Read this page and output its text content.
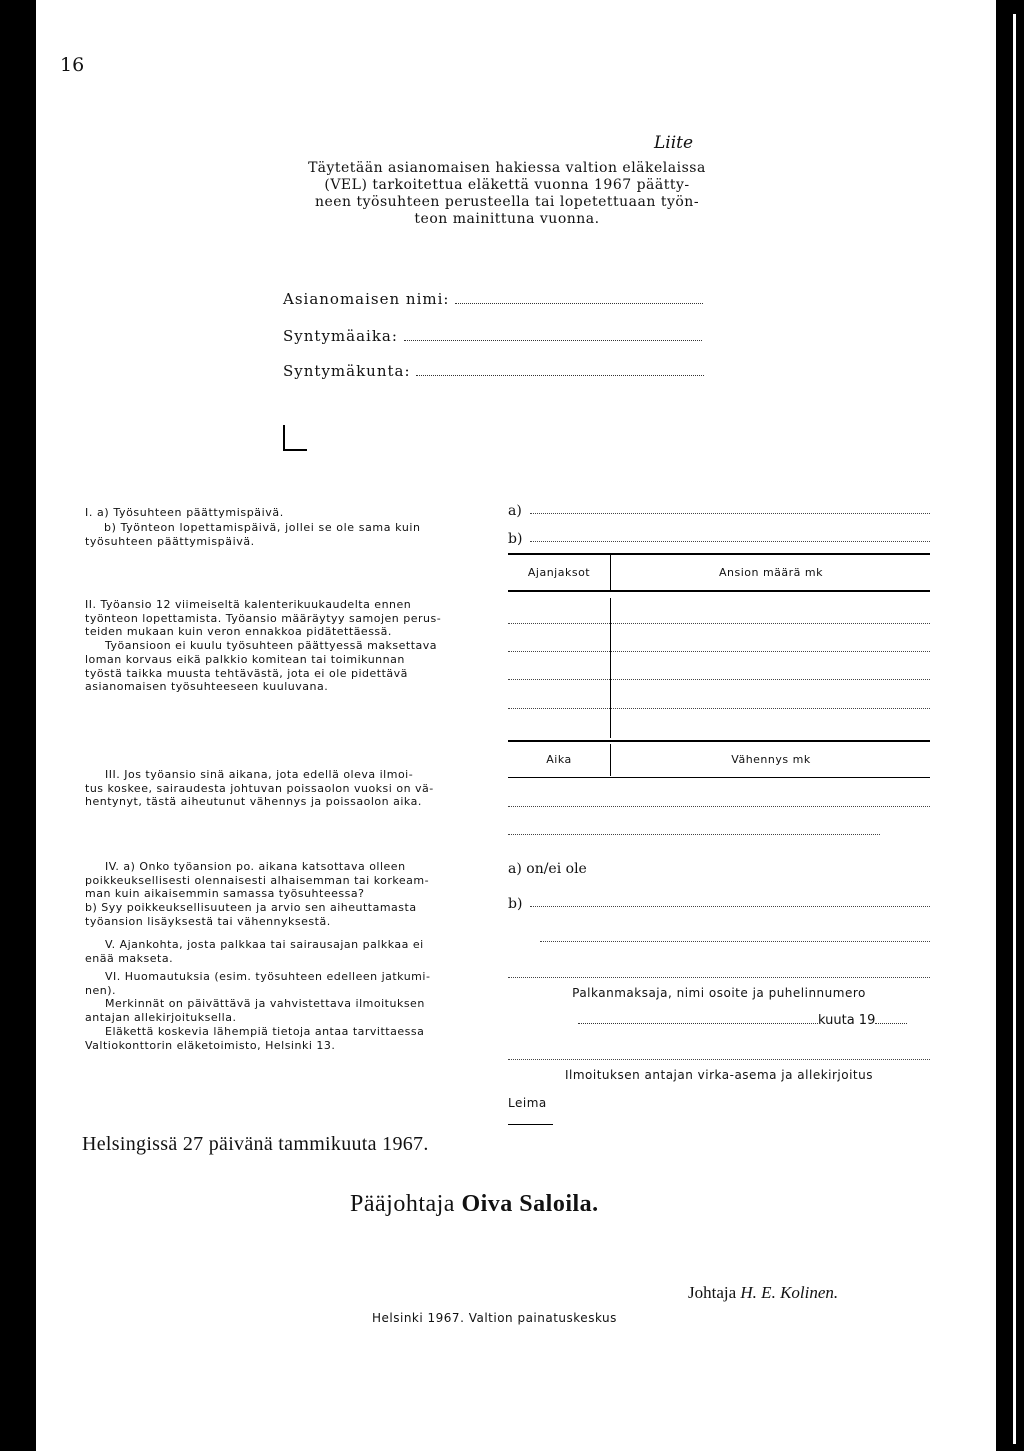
16
Liite
Täytetään asianomaisen hakiessa valtion eläkelaissa
(VEL) tarkoitettua eläkettä vuonna 1967 päätty-
neen työsuhteen perusteella tai lopetettuaan työn-
teon mainittuna vuonna.
Asianomaisen nimi:
Syntymäaika:
Syntymäkunta:
I. a) Työsuhteen päättymispäivä.
b) Työnteon lopettamispäivä, jollei se ole sama kuin
työsuhteen päättymispäivä.
a)
b)
Ajanjaksot	Ansion määrä mk
II. Työansio 12 viimeiseltä kalenterikuukaudelta ennen
työnteon lopettamista. Työansio määräytyy samojen perus-
teiden mukaan kuin veron ennakkoa pidätettäessä.
Työansioon ei kuulu työsuhteen päättyessä maksettava
loman korvaus eikä palkkio komitean tai toimikunnan
työstä taikka muusta tehtävästä, jota ei ole pidettävä
asianomaisen työsuhteeseen kuuluvana.
Aika	Vähennys mk
III. Jos työansio sinä aikana, jota edellä oleva ilmoi-
tus koskee, sairaudesta johtuvan poissaolon vuoksi on vä-
hentynyt, tästä aiheutunut vähennys ja poissaolon aika.
IV. a) Onko työansion po. aikana katsottava olleen
poikkeuksellisesti olennaisesti alhaisemman tai korkeam-
man kuin aikaisemmin samassa työsuhteessa?
b) Syy poikkeuksellisuuteen ja arvio sen aiheuttamasta
työansion lisäyksestä tai vähennyksestä.
a) on/ei ole
b)
V. Ajankohta, josta palkkaa tai sairausajan palkkaa ei
enää makseta.
VI. Huomautuksia (esim. työsuhteen edelleen jatkumi-
nen).
Merkinnät on päivättävä ja vahvistettava ilmoituksen
antajan allekirjoituksella.
Eläkettä koskevia lähempiä tietoja antaa tarvittaessa
Valtiokonttorin eläketoimisto, Helsinki 13.
Palkanmaksaja, nimi osoite ja puhelinnumero
kuuta 19
Ilmoituksen antajan virka-asema ja allekirjoitus
Leima
Helsingissä 27 päivänä tammikuuta 1967.
Pääjohtaja Oiva Saloila.
Johtaja H. E. Kolinen.
Helsinki 1967. Valtion painatuskeskus
